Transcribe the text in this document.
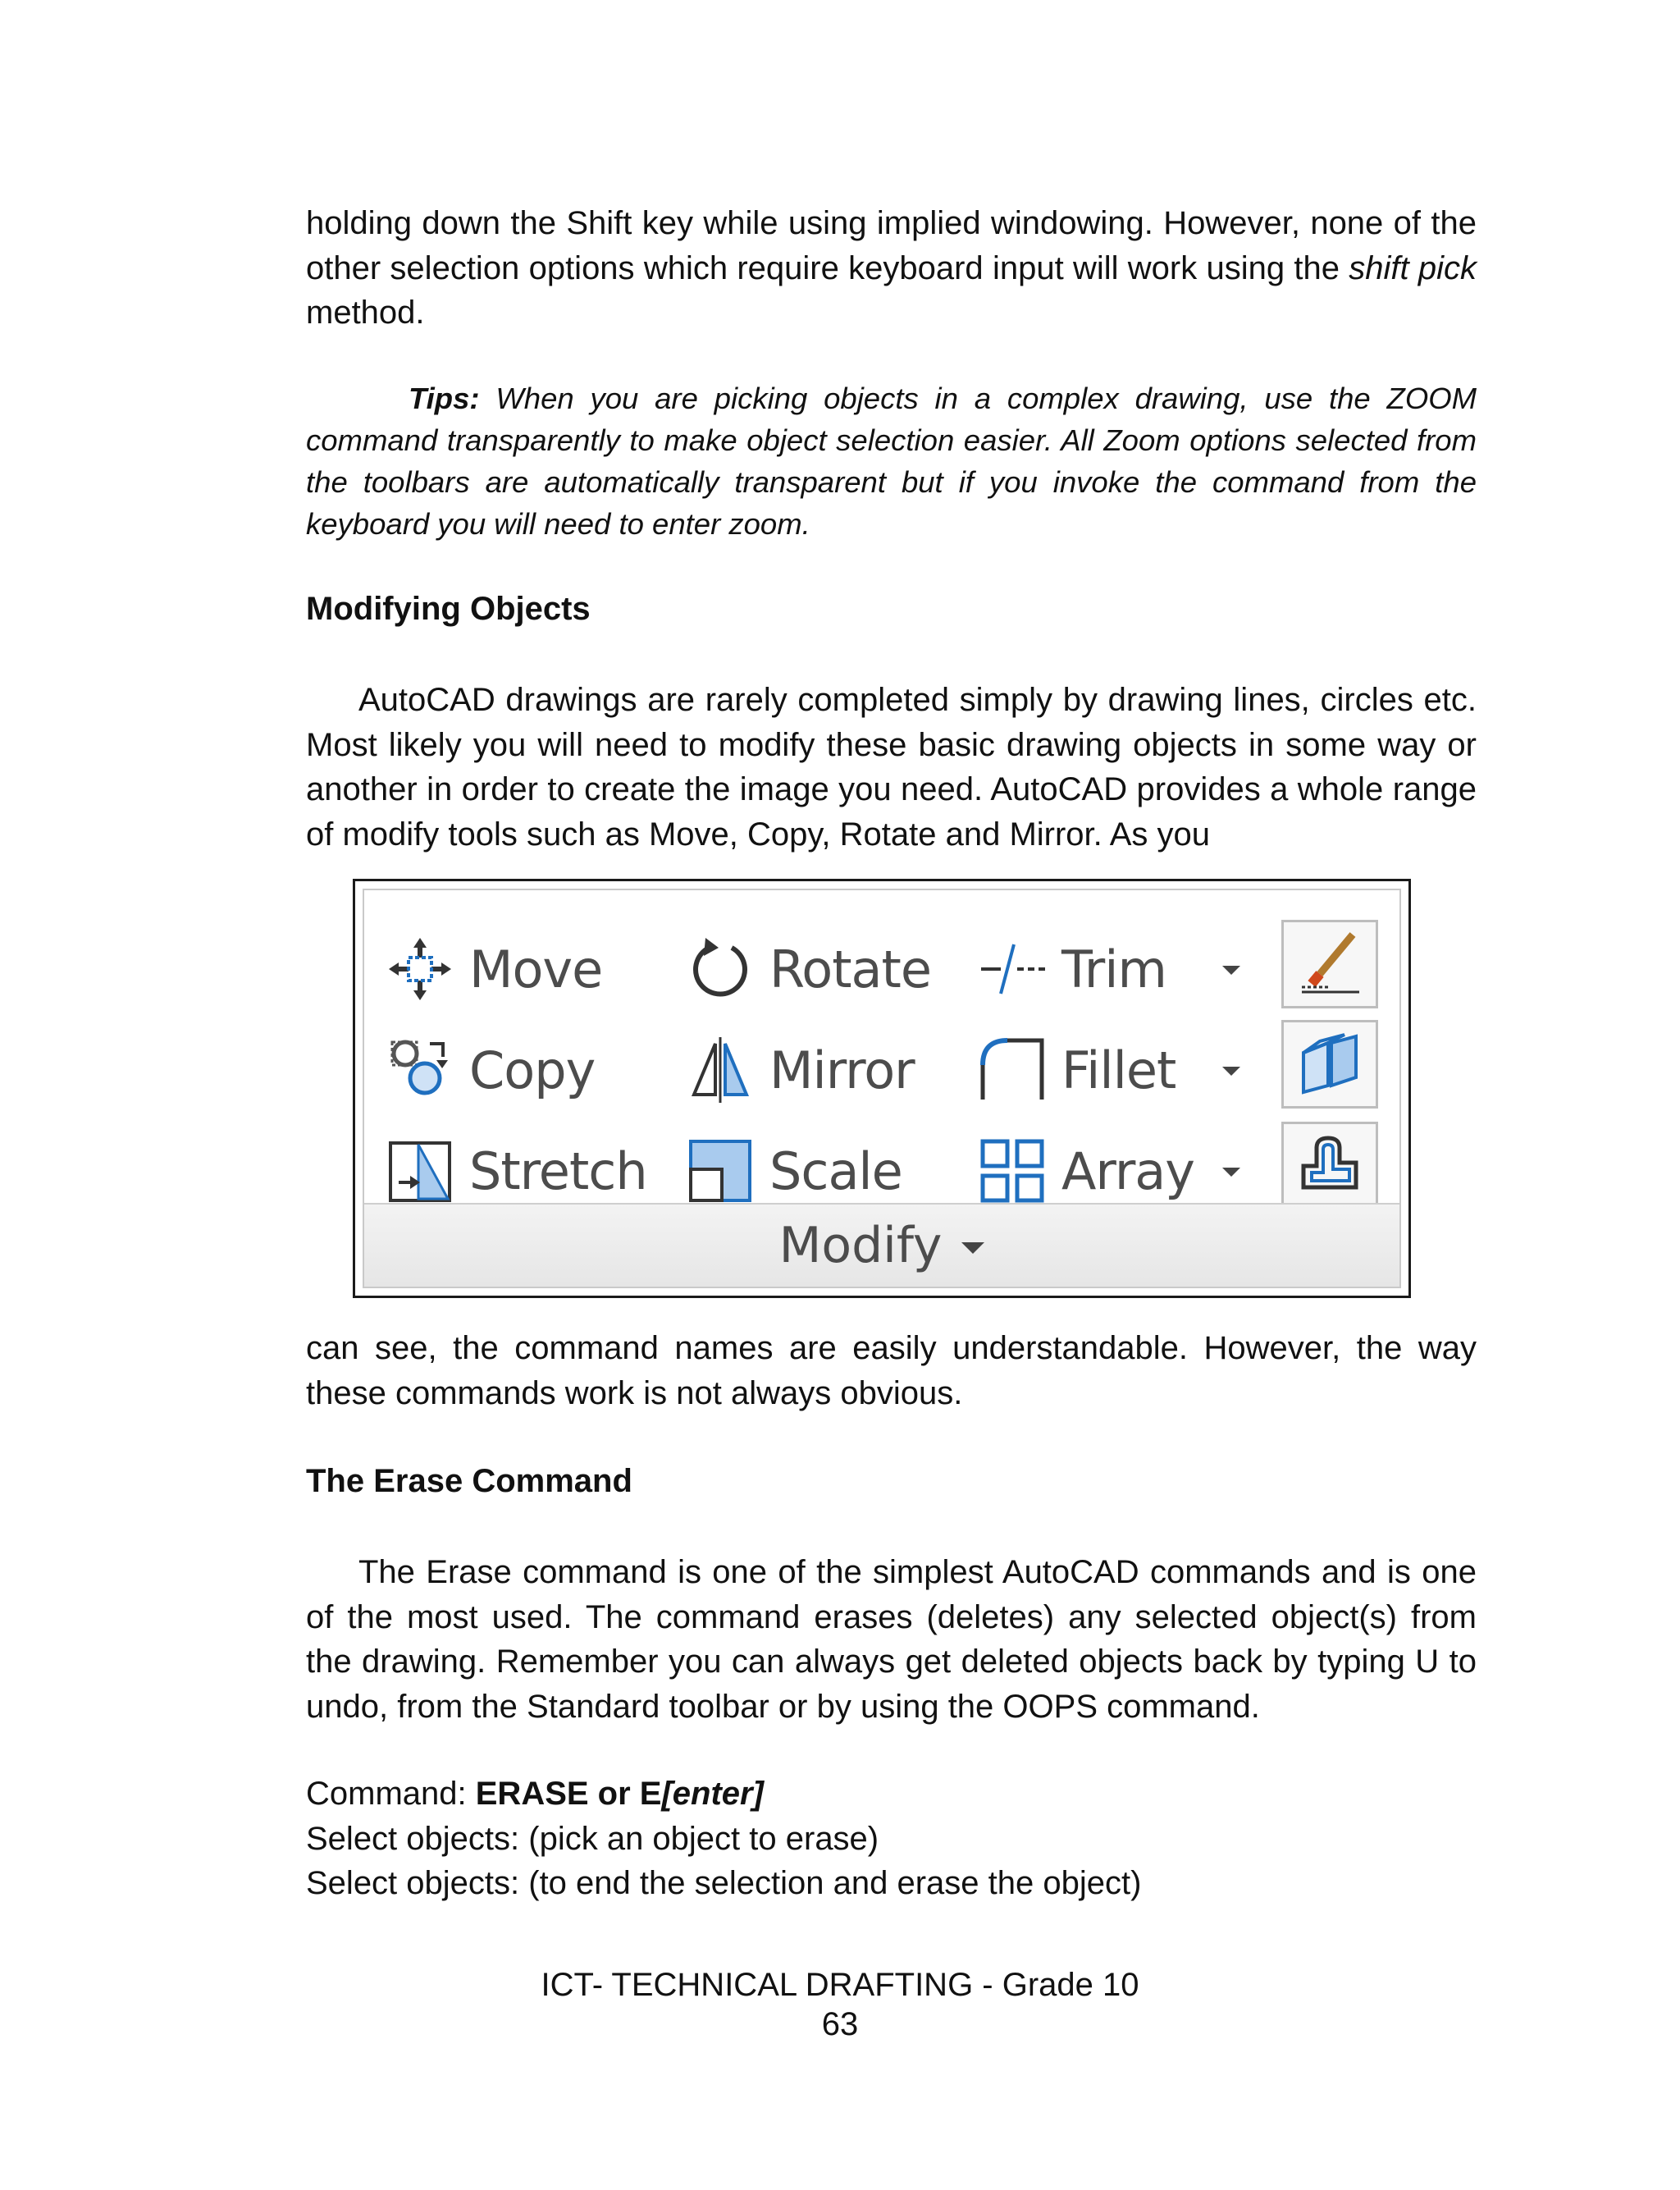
holding down the Shift key while using implied windowing. However, none of the other selection options which require keyboard input will work using the shift pick method.

Tips: When you are picking objects in a complex drawing, use the ZOOM command transparently to make object selection easier. All Zoom options selected from the toolbars are automatically transparent but if you invoke the command from the keyboard you will need to enter zoom.

Modifying Objects

AutoCAD drawings are rarely completed simply by drawing lines, circles etc. Most likely you will need to modify these basic drawing objects in some way or another in order to create the image you need. AutoCAD provides a whole range of modify tools such as Move, Copy, Rotate and Mirror. As you

Move
Copy
Stretch
Rotate
Mirror
Scale
Trim
Fillet
Array
Modify

can see, the command names are easily understandable. However, the way these commands work is not always obvious.

The Erase Command

The Erase command is one of the simplest AutoCAD commands and is one of the most used. The command erases (deletes) any selected object(s) from the drawing. Remember you can always get deleted objects back by typing U to undo, from the Standard toolbar or by using the OOPS command.

Command: ERASE or E[enter]
Select objects: (pick an object to erase)
Select objects: (to end the selection and erase the object)
ICT- TECHNICAL DRAFTING - Grade 10
63
